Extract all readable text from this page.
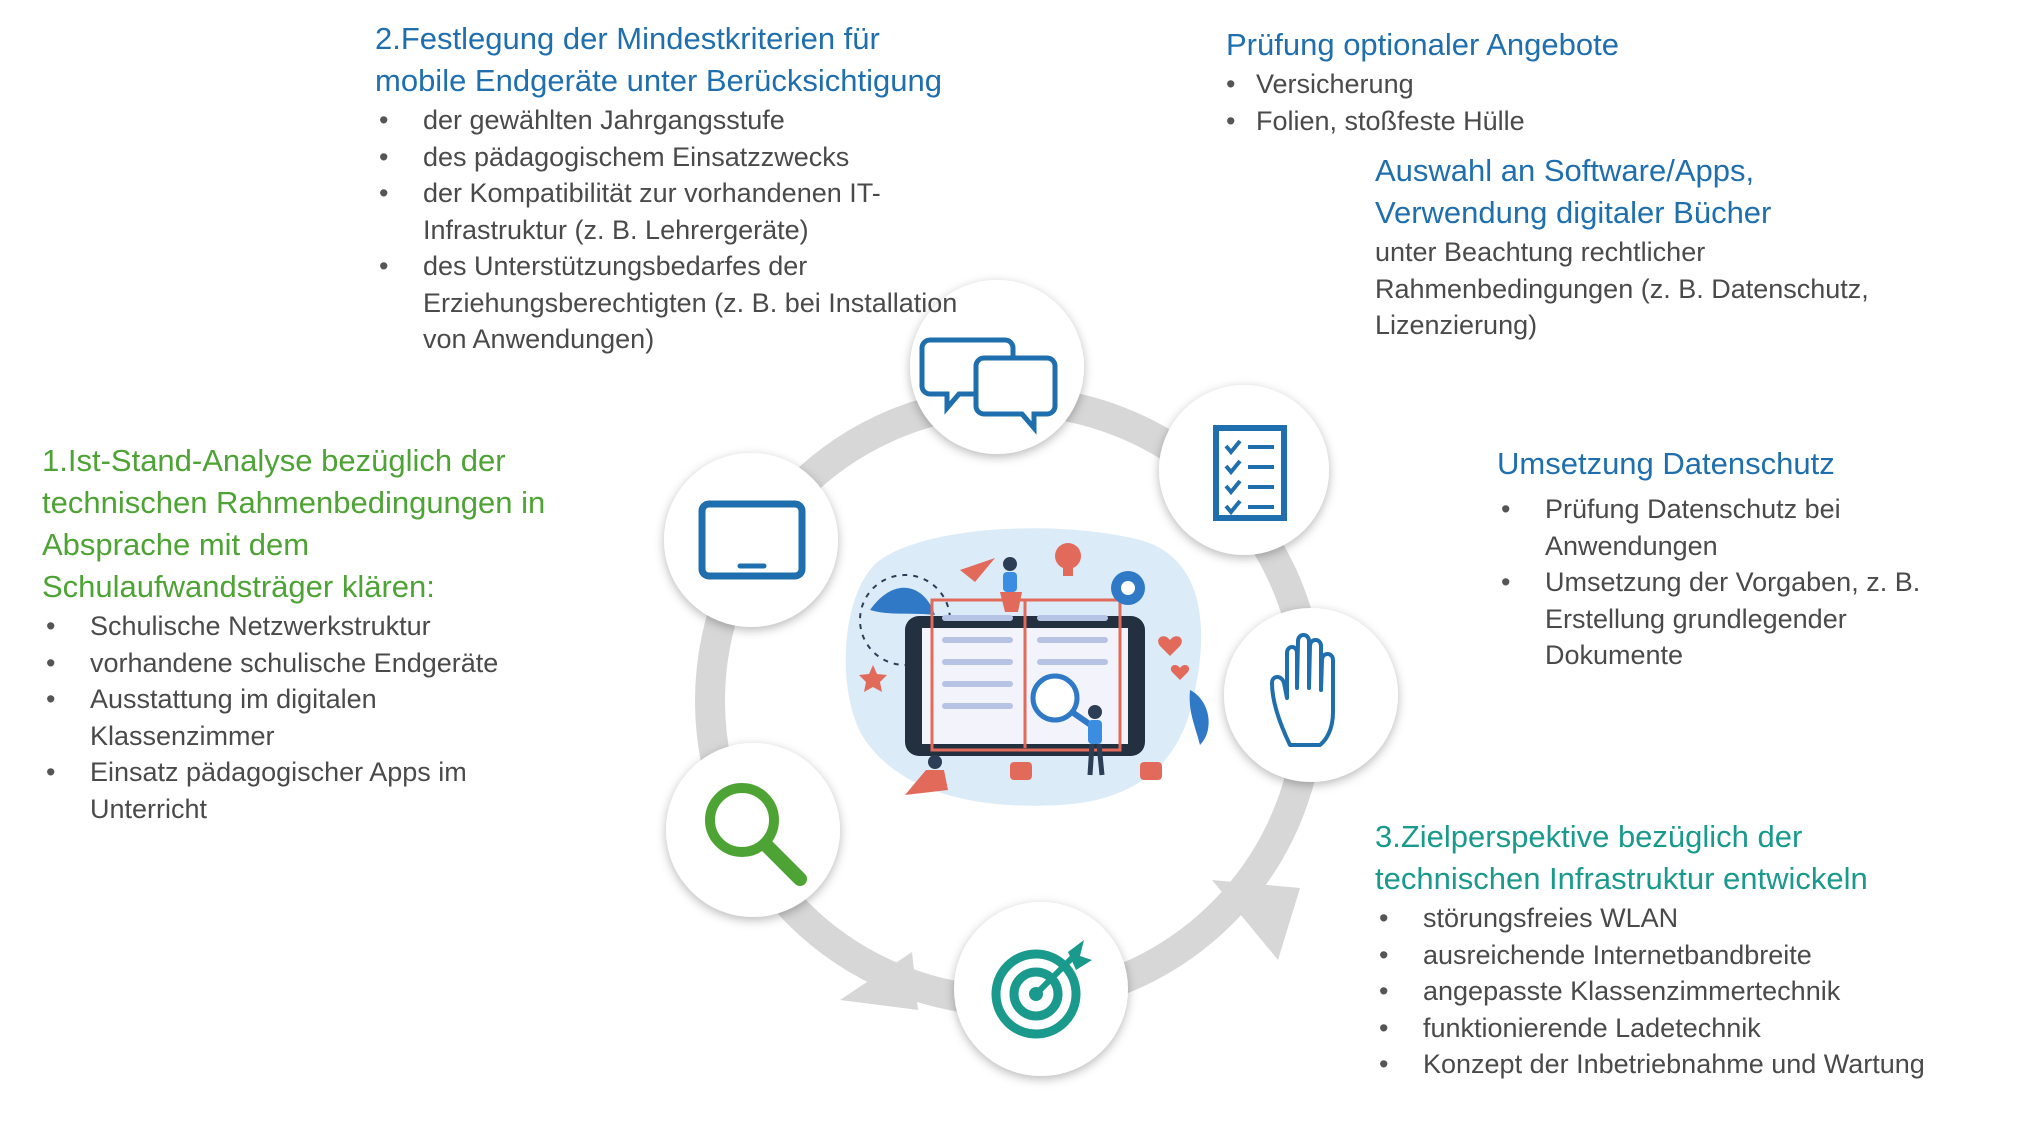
2.Festlegung der Mindestkriterien für
mobile Endgeräte unter Berücksichtigung
• der gewählten Jahrgangsstufe
• des pädagogischem Einsatzzwecks
• der Kompatibilität zur vorhandenen IT-Infrastruktur (z. B. Lehrergeräte)
• des Unterstützungsbedarfes der Erziehungsberechtigten (z. B. bei Installation von Anwendungen)
Prüfung optionaler Angebote
• Versicherung
• Folien, stoßfeste Hülle
Auswahl an Software/Apps,
Verwendung digitaler Bücher
unter Beachtung rechtlicher Rahmenbedingungen (z. B. Datenschutz, Lizenzierung)
Umsetzung Datenschutz
• Prüfung Datenschutz bei Anwendungen
• Umsetzung der Vorgaben, z. B. Erstellung grundlegender Dokumente
1.Ist-Stand-Analyse bezüglich der technischen Rahmenbedingungen in Absprache mit dem Schulaufwandsträger klären:
• Schulische Netzwerkstruktur
• vorhandene schulische Endgeräte
• Ausstattung im digitalen Klassenzimmer
• Einsatz pädagogischer Apps im Unterricht
3.Zielperspektive bezüglich der
technischen Infrastruktur entwickeln
• störungsfreies WLAN
• ausreichende Internetbandbreite
• angepasste Klassenzimmertechnik
• funktionierende Ladetechnik
• Konzept der Inbetriebnahme und Wartung
